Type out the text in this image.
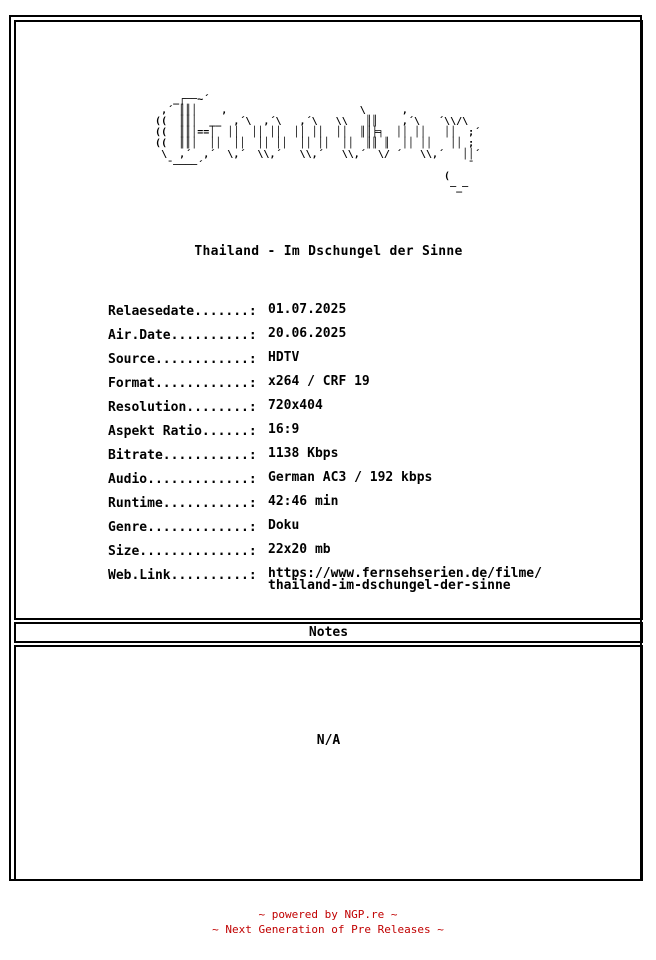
_┌──~´
,´ ║║│    ,                      \      ,
((  ║║│  __  ,´\  ,´\   ,´\   \\   ║║    ,´\   ´\\/\
((  ║║│==│  ││  ││ ││  ││ ││  ││  ║║╞╕  ││ ││   ││  ;´
((  ║║│  ││  ││  ││ ││  ││ ││  ││  ║║ ║  ││ ││   ││ ;
\  ,´  ,´  \,´  \\,´   \\,´   \\,´  \/ ´   \\,´   ││´
¯────´                                            ¯
(
─_─
Thailand - Im Dschungel der Sinne
Relaesedate.......: 01.07.2025
Air.Date..........: 20.06.2025
Source............: HDTV
Format............: x264 / CRF 19
Resolution........: 720x404
Aspekt Ratio......: 16:9
Bitrate...........: 1138 Kbps
Audio.............: German AC3 / 192 kbps
Runtime...........: 42:46 min
Genre.............: Doku
Size..............: 22x20 mb
Web.Link..........: https://www.fernsehserien.de/filme/
thailand-im-dschungel-der-sinne
Notes
N/A
~ powered by NGP.re ~
~ Next Generation of Pre Releases ~
